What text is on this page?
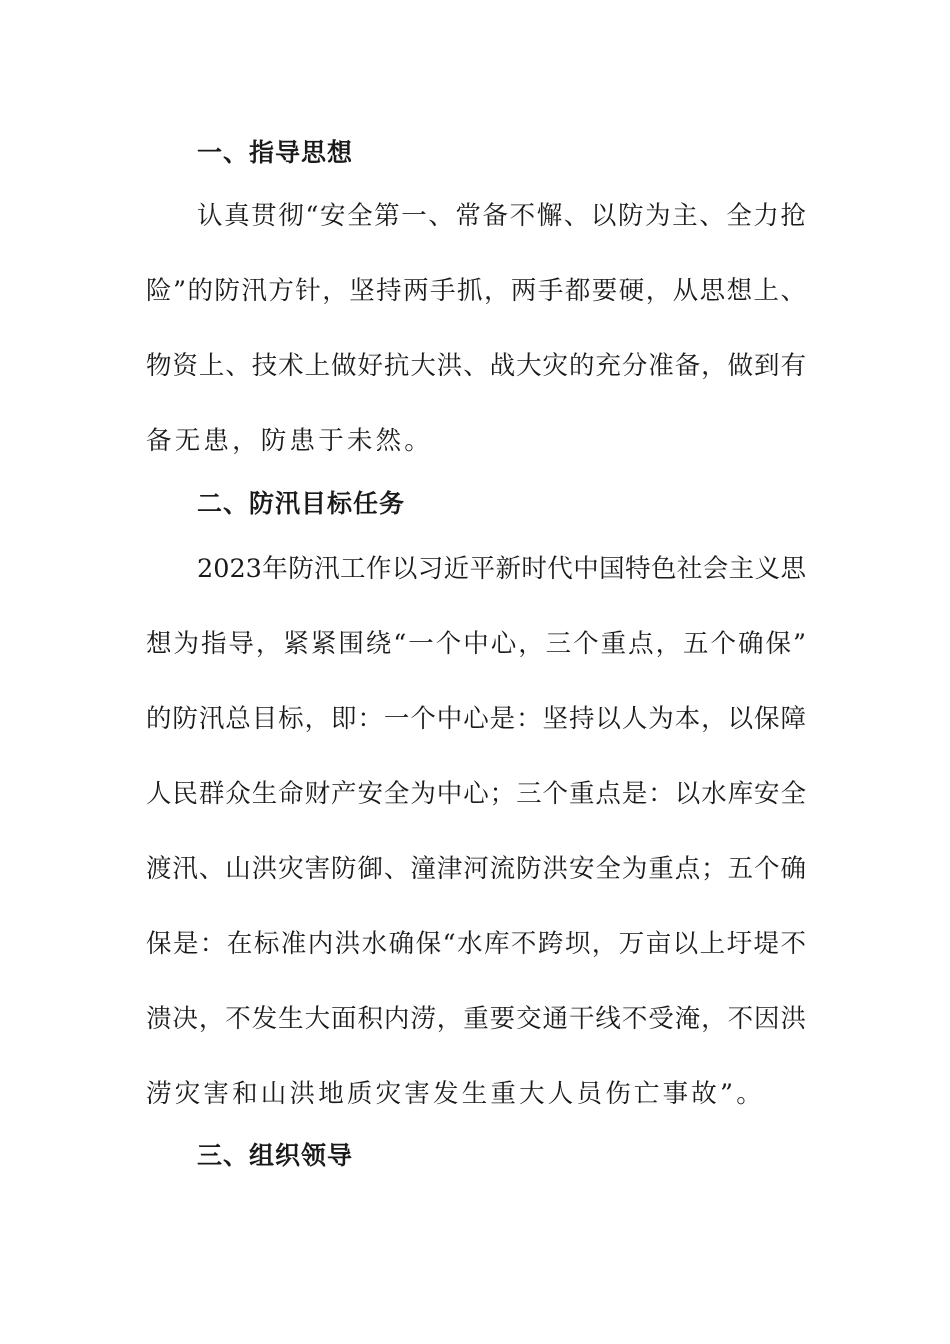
一、指导思想
认真贯彻“安全第一、常备不懈、以防为主、全力抢
险”的防汛方针，坚持两手抓，两手都要硬，从思想上、
物资上、技术上做好抗大洪、战大灾的充分准备，做到有
备无患，防患于未然。
二、防汛目标任务
2023年防汛工作以习近平新时代中国特色社会主义思
想为指导，紧紧围绕“一个中心，三个重点，五个确保”
的防汛总目标，即：一个中心是：坚持以人为本，以保障
人民群众生命财产安全为中心；三个重点是：以水库安全
渡汛、山洪灾害防御、潼津河流防洪安全为重点；五个确
保是：在标准内洪水确保“水库不跨坝，万亩以上圩堤不
溃决，不发生大面积内涝，重要交通干线不受淹，不因洪
涝灾害和山洪地质灾害发生重大人员伤亡事故”。
三、组织领导
